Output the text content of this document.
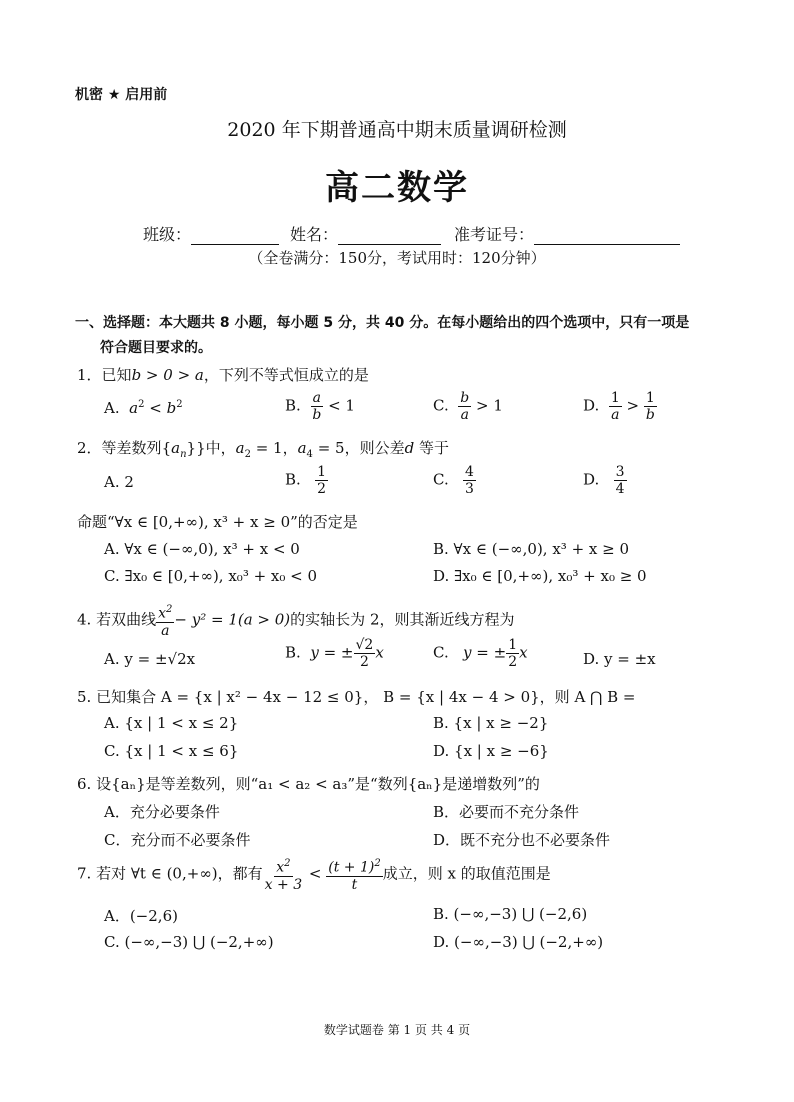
机密 ★ 启用前
2020 年下期普通高中期末质量调研检测
高二数学
班级：	姓名：	准考证号：
（全卷满分：150分，考试用时：120分钟）
一、选择题：本大题共 8 小题，每小题 5 分，共 40 分。在每小题给出的四个选项中，只有一项是
符合题目要求的。
1．已知b > 0 > a，下列不等式恒成立的是
A. $a^2 < b^2$	B. $\frac{a}{b} < 1$	C. $\frac{b}{a} > 1$	D. $\frac{1}{a} > \frac{1}{b}$
2．等差数列$\{a_n\}$}中，$a_2 = 1$，$a_4 = 5$，则公差d 等于
A. 2	B. $\frac{1}{2}$	C. $\frac{4}{3}$	D. $\frac{3}{4}$
命题“∀x ∈ [0,+∞), x³ + x ≥ 0”的否定是
A. ∀x ∈ (−∞,0), x³ + x < 0	B. ∀x ∈ (−∞,0), x³ + x ≥ 0
C. ∃x₀ ∈ [0,+∞), x₀³ + x₀ < 0	D. ∃x₀ ∈ [0,+∞), x₀³ + x₀ ≥ 0
4. 若双曲线 $\frac{x^2}{a} - y^2 = 1(a > 0)$的实轴长为 2，则其渐近线方程为
A. y = ±√2x	B. y = ± $\frac{√2}{2}$ x	C. y = ± $\frac{1}{2}$ x	D. y = ±x
5. 已知集合 A = {x | x² − 4x − 12 ≤ 0}， B = {x | 4x − 4 > 0}，则 A ⋂ B =
A. {x | 1 < x ≤ 2}	B. {x | x ≥ −2}
C. {x | 1 < x ≤ 6}	D. {x | x ≥ −6}
6. 设{aₙ}是等差数列，则“a₁ < a₂ < a₃”是“数列{aₙ}是递增数列”的
A．充分必要条件	B．必要而不充分条件
C．充分而不必要条件	D．既不充分也不必要条件
7. 若对 ∀t ∈ (0,+∞)，都有 $\frac{x^2}{x + 3} < \frac{(t + 1)^2}{t}$ 成立，则 x 的取值范围是
A．(−2,6)	B. (−∞,−3) ⋃ (−2,6)
C. (−∞,−3) ⋃ (−2,+∞)	D. (−∞,−3) ⋃ (−2,+∞)
数学试题卷 第 1 页 共 4 页
